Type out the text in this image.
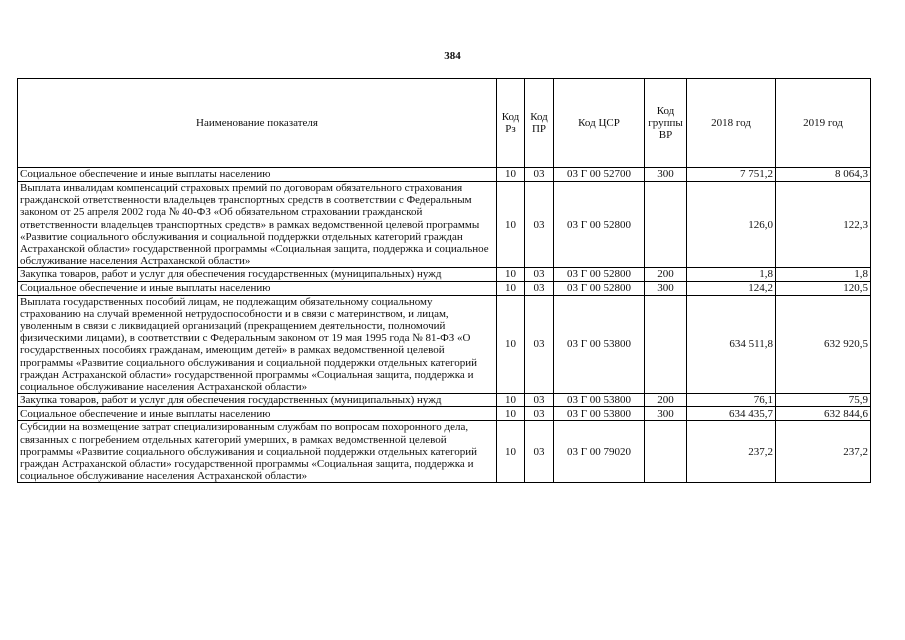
384
Наименование показателя	Код Рз	Код ПР	Код ЦСР	Код группы ВР	2018 год	2019 год
Социальное обеспечение и иные выплаты населению	10	03	03 Г 00 52700	300	7 751,2	8 064,3
Выплата инвалидам компенсаций страховых премий по договорам обязательного страхования гражданской ответственности владельцев транспортных средств в соответствии с Федеральным законом от 25 апреля 2002 года № 40-ФЗ «Об обязательном страховании гражданской ответственности владельцев транспортных средств» в рамках ведомственной целевой программы «Развитие социального обслуживания и социальной поддержки отдельных категорий граждан Астраханской области» государственной программы «Социальная защита, поддержка и социальное обслуживание населения Астраханской области»	10	03	03 Г 00 52800		126,0	122,3
Закупка товаров, работ и услуг для обеспечения государственных (муниципальных) нужд	10	03	03 Г 00 52800	200	1,8	1,8
Социальное обеспечение и иные выплаты населению	10	03	03 Г 00 52800	300	124,2	120,5
Выплата государственных пособий лицам, не подлежащим обязательному социальному страхованию на случай временной нетрудоспособности и в связи с материнством, и лицам, уволенным в связи с ликвидацией организаций (прекращением деятельности, полномочий физическими лицами), в соответствии с Федеральным законом от 19 мая 1995 года № 81-ФЗ «О государственных пособиях гражданам, имеющим детей» в рамках ведомственной целевой программы «Развитие социального обслуживания и социальной поддержки отдельных категорий граждан Астраханской области» государственной программы «Социальная защита, поддержка и социальное обслуживание населения Астраханской области»	10	03	03 Г 00 53800		634 511,8	632 920,5
Закупка товаров, работ и услуг для обеспечения государственных (муниципальных) нужд	10	03	03 Г 00 53800	200	76,1	75,9
Социальное обеспечение и иные выплаты населению	10	03	03 Г 00 53800	300	634 435,7	632 844,6
Субсидии на возмещение затрат специализированным службам по вопросам похоронного дела, связанных с погребением отдельных категорий умерших, в рамках ведомственной целевой программы «Развитие социального обслуживания и социальной поддержки отдельных категорий граждан Астраханской области» государственной программы «Социальная защита, поддержка и социальное обслуживание населения Астраханской области»	10	03	03 Г 00 79020		237,2	237,2
